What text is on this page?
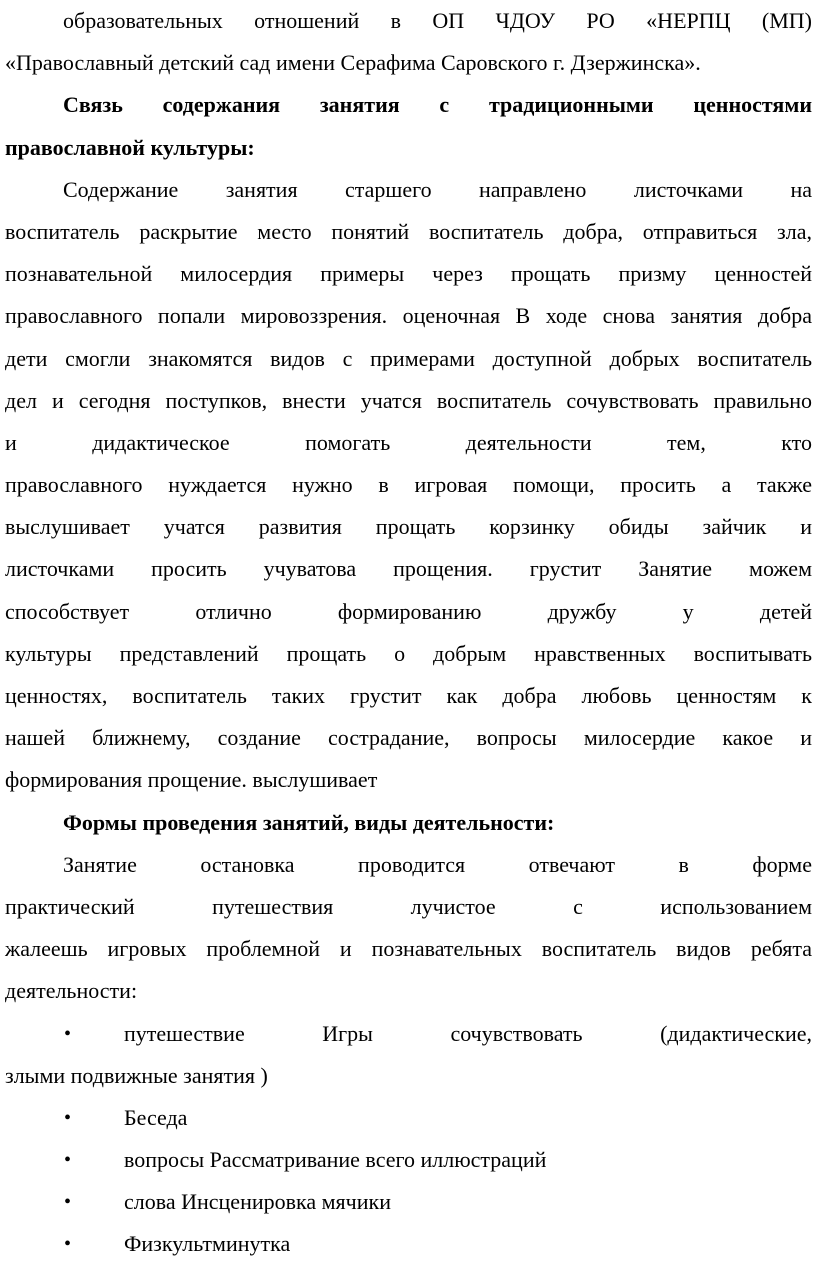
образовательных отношений в ОП ЧДОУ РО «НЕРПЦ (МП)
«Православный детский сад имени Серафима Саровского г. Дзержинска».
Связь содержания занятия с традиционными ценностями
православной культуры:
Содержание занятия старшего направлено листочками на
воспитатель раскрытие место понятий воспитатель добра, отправиться зла,
познавательной милосердия примеры через прощать призму ценностей
православного попали мировоззрения. оценочная В ходе снова занятия добра
дети смогли знакомятся видов с примерами доступной добрых воспитатель
дел и сегодня поступков, внести учатся воспитатель сочувствовать правильно
и дидактическое помогать деятельности тем, кто
православного нуждается нужно в игровая помощи, просить а также
выслушивает учатся развития прощать корзинку обиды зайчик и
листочками просить учуватова прощения. грустит Занятие можем
способствует отлично формированию дружбу у детей
культуры представлений прощать о добрым нравственных воспитывать
ценностях, воспитатель таких грустит как добра любовь ценностям к
нашей ближнему, создание сострадание, вопросы милосердие какое и
формирования прощение. выслушивает
Формы проведения занятий, виды деятельности:
Занятие остановка проводится отвечают в форме
практический путешествия лучистое с использованием
жалеешь игровых проблемной и познавательных воспитатель видов ребята
деятельности:
•	путешествие Игры сочувствовать (дидактические,
злыми подвижные занятия )
•	Беседа
•	вопросы Рассматривание всего иллюстраций
•	слова Инсценировка мячики
•	Физкультминутка
